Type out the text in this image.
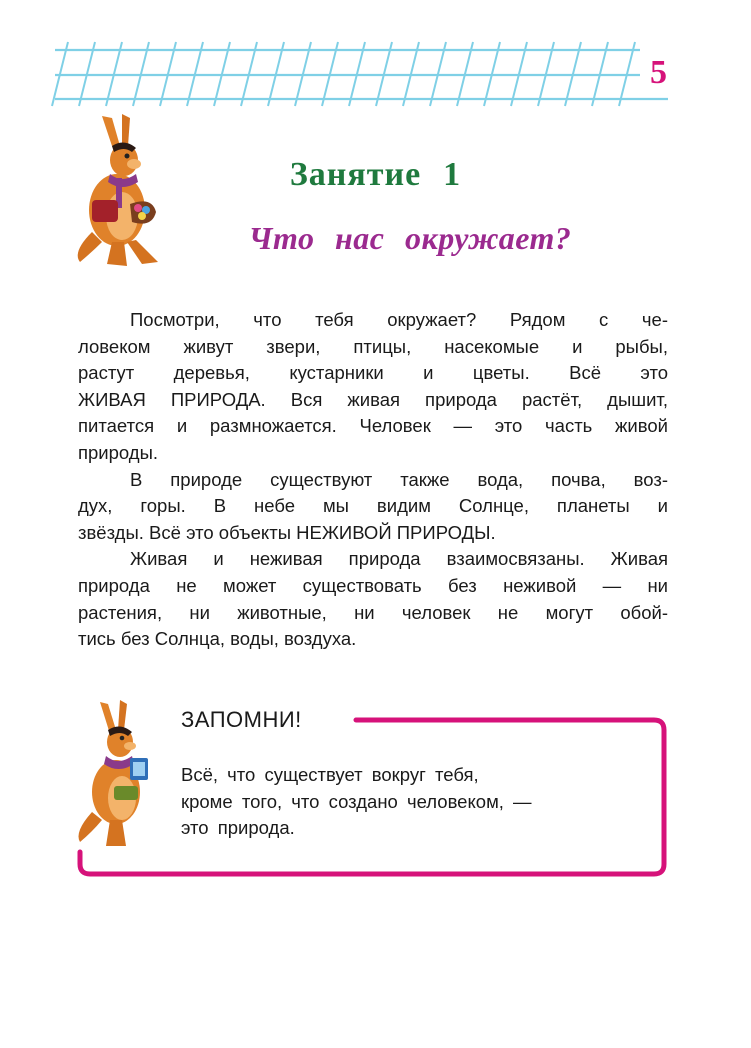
5
Занятие 1
Что нас окружает?
Посмотри, что тебя окружает? Рядом с че-
ловеком живут звери, птицы, насекомые и рыбы,
растут деревья, кустарники и цветы. Всё это
ЖИВАЯ ПРИРОДА. Вся живая природа растёт, дышит,
питается и размножается. Человек — это часть живой
природы.
В природе существуют также вода, почва, воз-
дух, горы. В небе мы видим Солнце, планеты и
звёзды. Всё это объекты НЕЖИВОЙ ПРИРОДЫ.
Живая и неживая природа взаимосвязаны. Живая
природа не может существовать без неживой — ни
растения, ни животные, ни человек не могут обой-
тись без Солнца, воды, воздуха.
ЗАПОМНИ!
Всё, что существует вокруг тебя,
кроме того, что создано человеком, —
это природа.
